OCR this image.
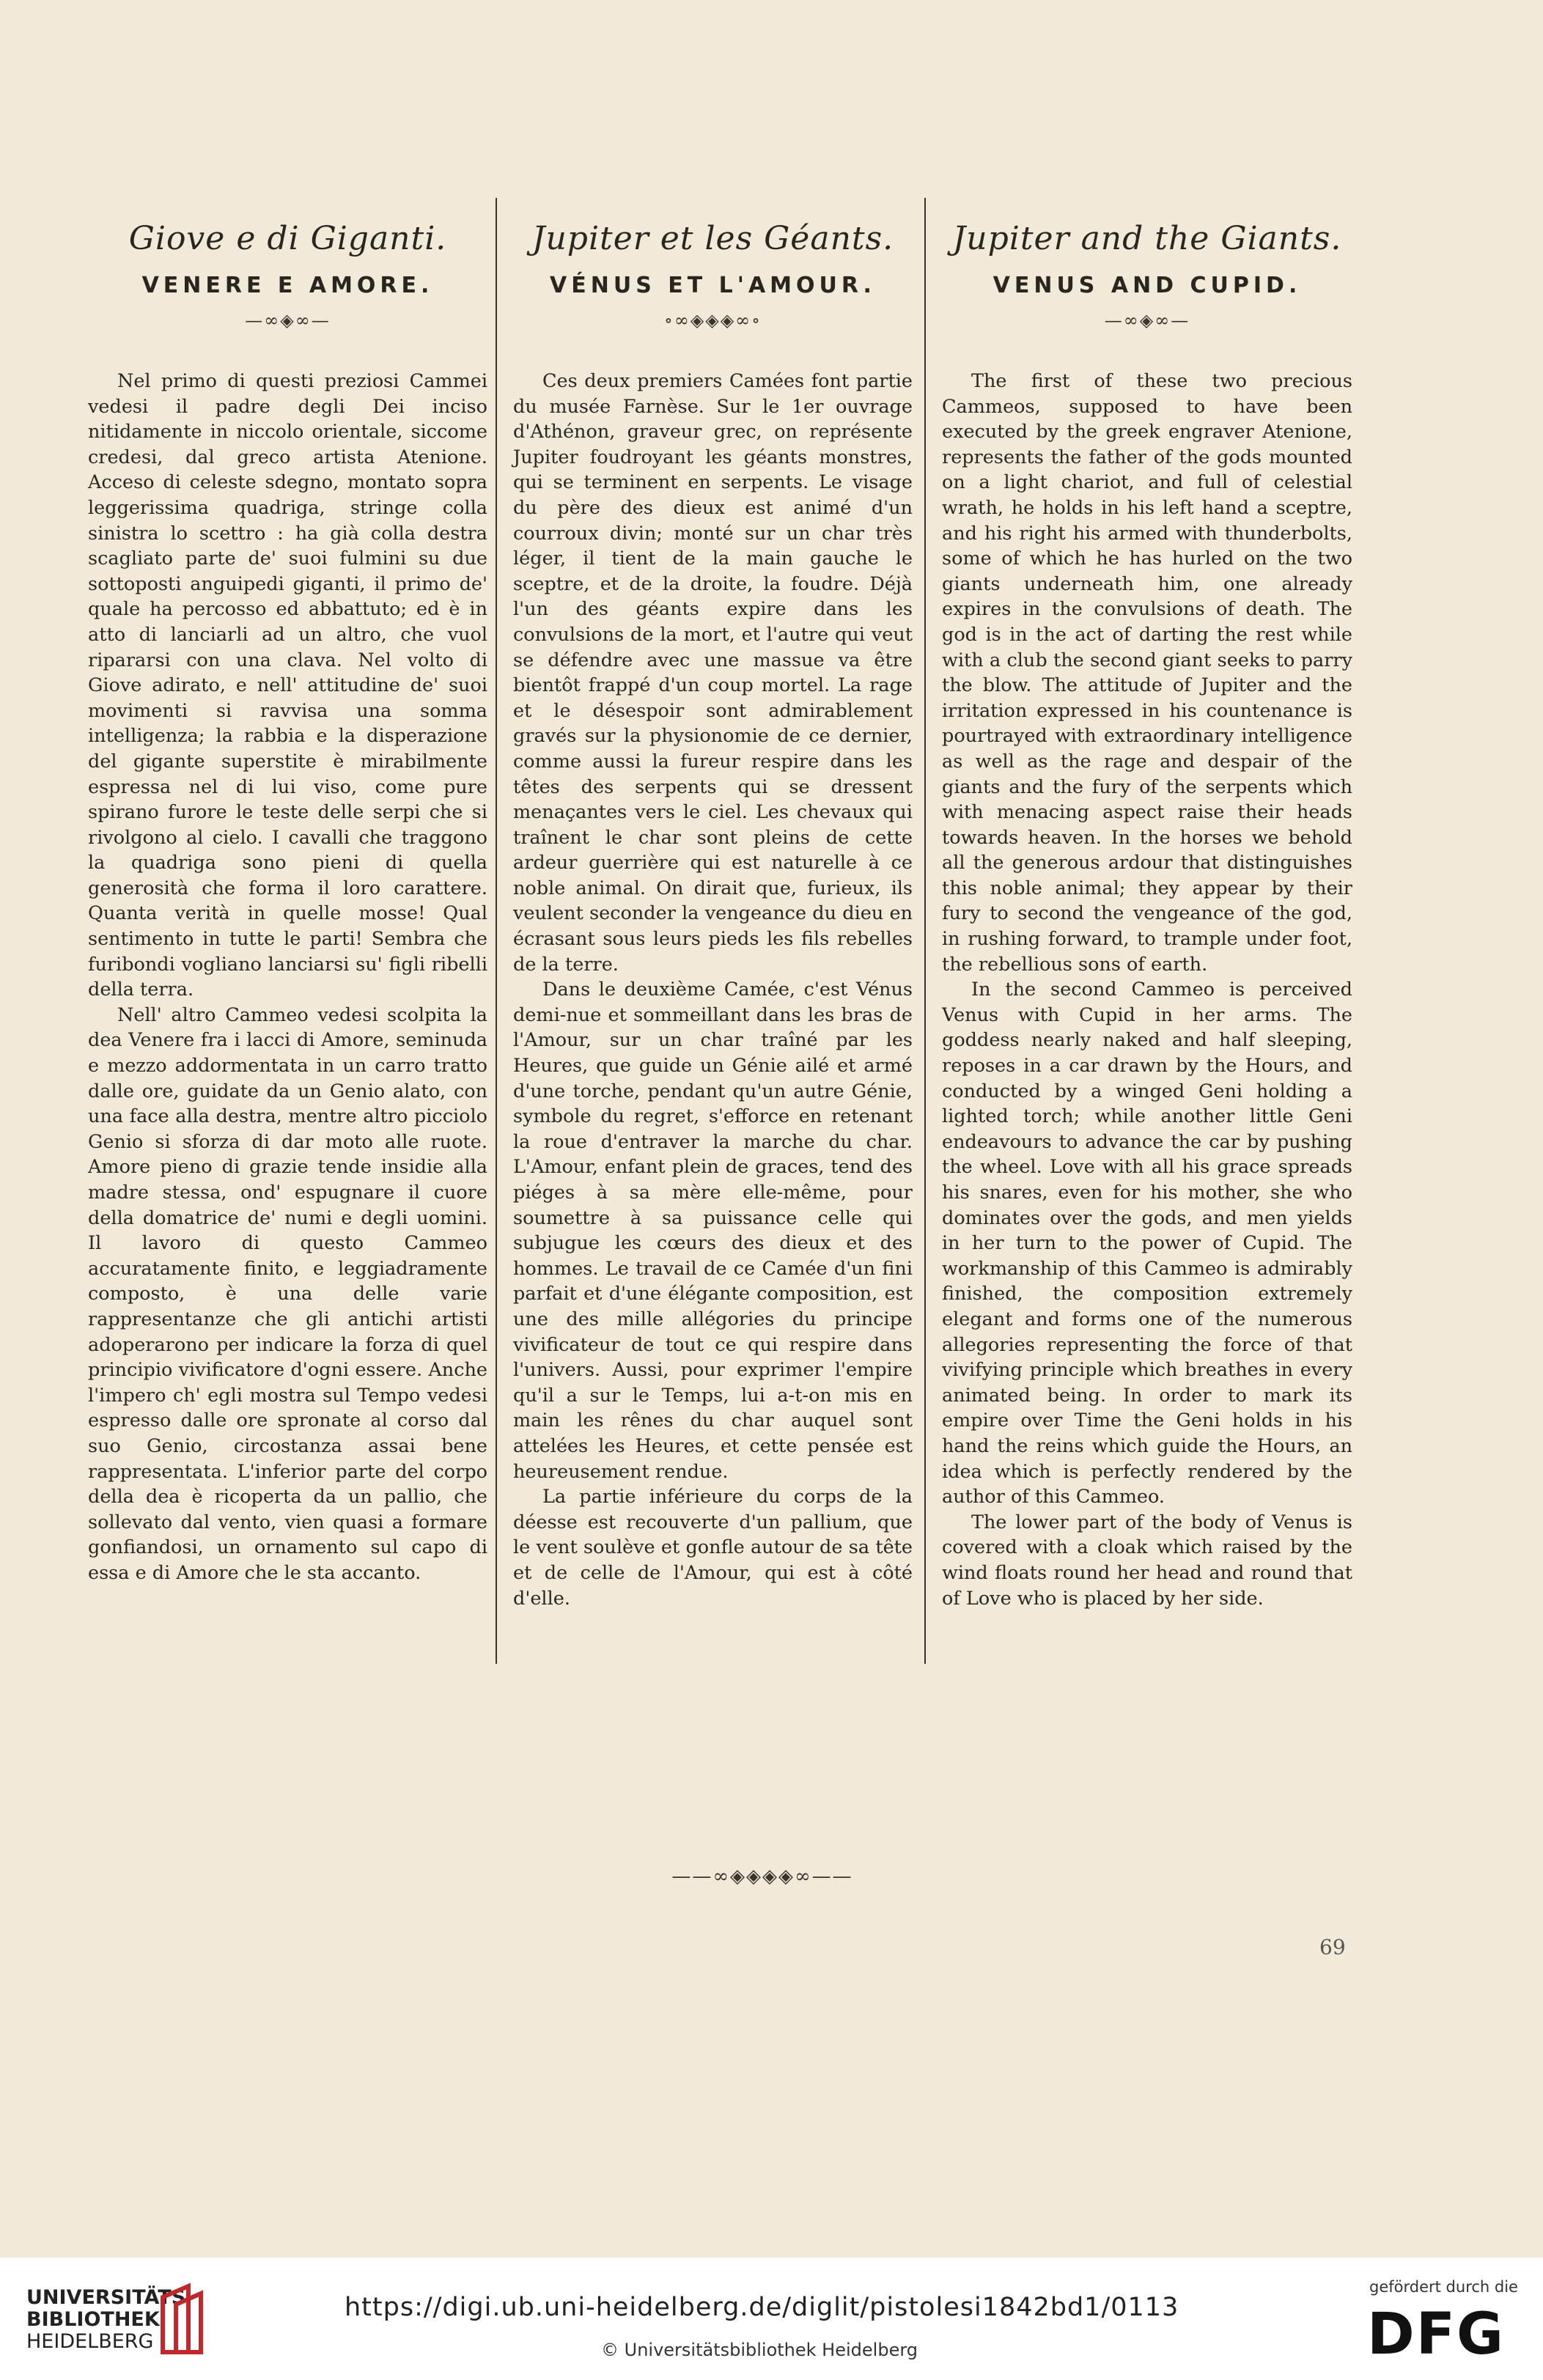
Giove e di Giganti.
VENERE E AMORE.
—∞◈∞—

Nel primo di questi preziosi Cammei vedesi il padre degli Dei inciso nitidamente in niccolo orientale, siccome credesi, dal greco artista Atenione. Acceso di celeste sdegno, montato sopra leggerissima quadriga, stringe colla sinistra lo scettro : ha già colla destra scagliato parte de' suoi fulmini su due sottoposti anguipedi giganti, il primo de' quale ha percosso ed abbattuto; ed è in atto di lanciarli ad un altro, che vuol ripararsi con una clava. Nel volto di Giove adirato, e nell' attitudine de' suoi movimenti si ravvisa una somma intelligenza; la rabbia e la disperazione del gigante superstite è mirabilmente espressa nel di lui viso, come pure spirano furore le teste delle serpi che si rivolgono al cielo. I cavalli che traggono la quadriga sono pieni di quella generosità che forma il loro carattere. Quanta verità in quelle mosse! Qual sentimento in tutte le parti! Sembra che furibondi vogliano lanciarsi su' figli ribelli della terra.

Nell' altro Cammeo vedesi scolpita la dea Venere fra i lacci di Amore, seminuda e mezzo addormentata in un carro tratto dalle ore, guidate da un Genio alato, con una face alla destra, mentre altro picciolo Genio si sforza di dar moto alle ruote. Amore pieno di grazie tende insidie alla madre stessa, ond' espugnare il cuore della domatrice de' numi e degli uomini. Il lavoro di questo Cammeo accuratamente finito, e leggiadramente composto, è una delle varie rappresentanze che gli antichi artisti adoperarono per indicare la forza di quel principio vivificatore d'ogni essere. Anche l'impero ch' egli mostra sul Tempo vedesi espresso dalle ore spronate al corso dal suo Genio, circostanza assai bene rappresentata. L'inferior parte del corpo della dea è ricoperta da un pallio, che sollevato dal vento, vien quasi a formare gonfiandosi, un ornamento sul capo di essa e di Amore che le sta accanto.

Jupiter et les Géants.
VÉNUS ET L'AMOUR.
∘∞◈◈◈∞∘

Ces deux premiers Camées font partie du musée Farnèse. Sur le 1er ouvrage d'Athénon, graveur grec, on représente Jupiter foudroyant les géants monstres, qui se terminent en serpents. Le visage du père des dieux est animé d'un courroux divin; monté sur un char très léger, il tient de la main gauche le sceptre, et de la droite, la foudre. Déjà l'un des géants expire dans les convulsions de la mort, et l'autre qui veut se défendre avec une massue va être bientôt frappé d'un coup mortel. La rage et le désespoir sont admirablement gravés sur la physionomie de ce dernier, comme aussi la fureur respire dans les têtes des serpents qui se dressent menaçantes vers le ciel. Les chevaux qui traînent le char sont pleins de cette ardeur guerrière qui est naturelle à ce noble animal. On dirait que, furieux, ils veulent seconder la vengeance du dieu en écrasant sous leurs pieds les fils rebelles de la terre.

Dans le deuxième Camée, c'est Vénus demi-nue et sommeillant dans les bras de l'Amour, sur un char traîné par les Heures, que guide un Génie ailé et armé d'une torche, pendant qu'un autre Génie, symbole du regret, s'efforce en retenant la roue d'entraver la marche du char. L'Amour, enfant plein de graces, tend des piéges à sa mère elle-même, pour soumettre à sa puissance celle qui subjugue les cœurs des dieux et des hommes. Le travail de ce Camée d'un fini parfait et d'une élégante composition, est une des mille allégories du principe vivificateur de tout ce qui respire dans l'univers. Aussi, pour exprimer l'empire qu'il a sur le Temps, lui a-t-on mis en main les rênes du char auquel sont attelées les Heures, et cette pensée est heureusement rendue.

La partie inférieure du corps de la déesse est recouverte d'un pallium, que le vent soulève et gonfle autour de sa tête et de celle de l'Amour, qui est à côté d'elle.

Jupiter and the Giants.
VENUS AND CUPID.
—∞◈∞—

The first of these two precious Cammeos, supposed to have been executed by the greek engraver Atenione, represents the father of the gods mounted on a light chariot, and full of celestial wrath, he holds in his left hand a sceptre, and his right his armed with thunderbolts, some of which he has hurled on the two giants underneath him, one already expires in the convulsions of death. The god is in the act of darting the rest while with a club the second giant seeks to parry the blow. The attitude of Jupiter and the irritation expressed in his countenance is pourtrayed with extraordinary intelligence as well as the rage and despair of the giants and the fury of the serpents which with menacing aspect raise their heads towards heaven. In the horses we behold all the generous ardour that distinguishes this noble animal; they appear by their fury to second the vengeance of the god, in rushing forward, to trample under foot, the rebellious sons of earth.

In the second Cammeo is perceived Venus with Cupid in her arms. The goddess nearly naked and half sleeping, reposes in a car drawn by the Hours, and conducted by a winged Geni holding a lighted torch; while another little Geni endeavours to advance the car by pushing the wheel. Love with all his grace spreads his snares, even for his mother, she who dominates over the gods, and men yields in her turn to the power of Cupid. The workmanship of this Cammeo is admirably finished, the composition extremely elegant and forms one of the numerous allegories representing the force of that vivifying principle which breathes in every animated being. In order to mark its empire over Time the Geni holds in his hand the reins which guide the Hours, an idea which is perfectly rendered by the author of this Cammeo.

The lower part of the body of Venus is covered with a cloak which raised by the wind floats round her head and round that of Love who is placed by her side.

——∞◈◈◈◈∞——
69
UNIVERSITÄTS-
BIBLIOTHEK
HEIDELBERG
https://digi.ub.uni-heidelberg.de/diglit/pistolesi1842bd1/0113
© Universitätsbibliothek Heidelberg
gefördert durch die
DFG
